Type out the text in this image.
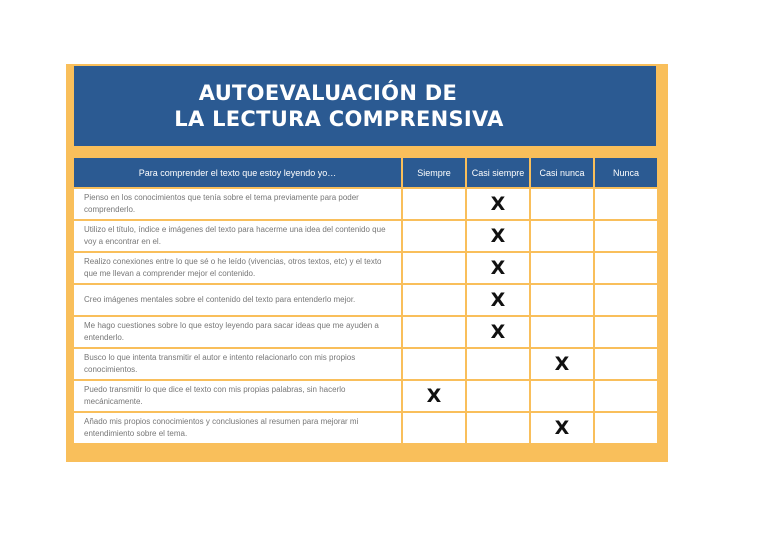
AUTOEVALUACIÓN DE
LA LECTURA COMPRENSIVA
Para comprender el texto que estoy leyendo yo…	Siempre	Casi siempre	Casi nunca	Nunca
Pienso en los conocimientos que tenía sobre el tema previamente para poder comprenderlo.		X		
Utilizo el título, índice e imágenes del texto para hacerme una idea del contenido que voy a encontrar en el.		X		
Realizo conexiones entre lo que sé o he leído (vivencias, otros textos, etc) y el texto que me llevan a comprender mejor el contenido.		X		
Creo imágenes mentales sobre el contenido del texto para entenderlo mejor.		X		
Me hago cuestiones sobre lo que estoy leyendo para sacar ideas que me ayuden a entenderlo.		X		
Busco lo que intenta transmitir el autor e intento relacionarlo con mis propios conocimientos.			X	
Puedo transmitir lo que dice el texto con mis propias palabras, sin hacerlo mecánicamente.	X			
Añado mis propios conocimientos y conclusiones al resumen para mejorar mi entendimiento sobre el tema.			X	
